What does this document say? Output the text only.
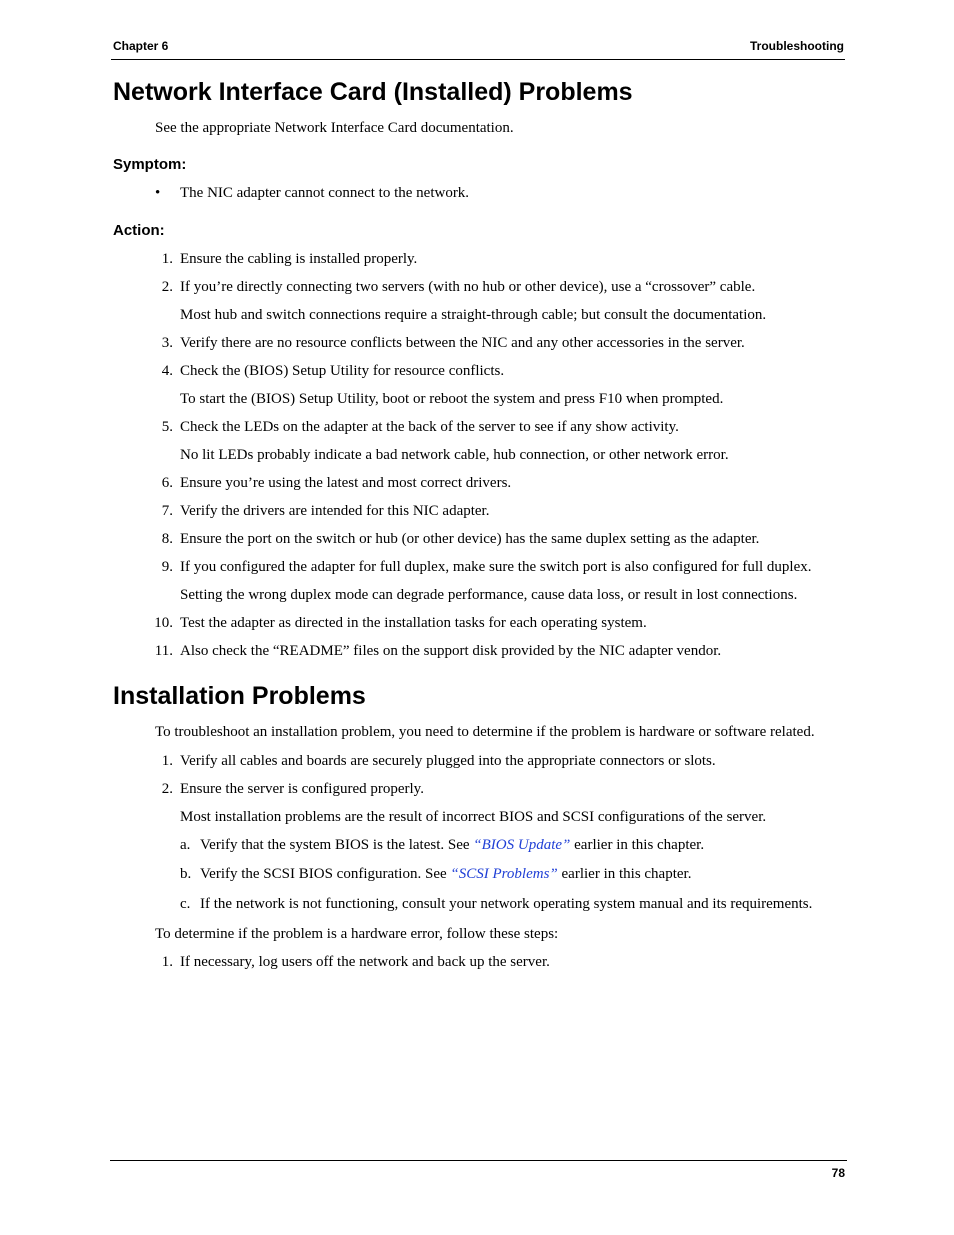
Chapter 6	Troubleshooting
Network Interface Card (Installed) Problems
See the appropriate Network Interface Card documentation.
Symptom:
• The NIC adapter cannot connect to the network.
Action:
1. Ensure the cabling is installed properly.
2. If you’re directly connecting two servers (with no hub or other device), use a “crossover” cable.
Most hub and switch connections require a straight-through cable; but consult the documentation.
3. Verify there are no resource conflicts between the NIC and any other accessories in the server.
4. Check the (BIOS) Setup Utility for resource conflicts.
To start the (BIOS) Setup Utility, boot or reboot the system and press F10 when prompted.
5. Check the LEDs on the adapter at the back of the server to see if any show activity.
No lit LEDs probably indicate a bad network cable, hub connection, or other network error.
6. Ensure you’re using the latest and most correct drivers.
7. Verify the drivers are intended for this NIC adapter.
8. Ensure the port on the switch or hub (or other device) has the same duplex setting as the adapter.
9. If you configured the adapter for full duplex, make sure the switch port is also configured for full duplex.
Setting the wrong duplex mode can degrade performance, cause data loss, or result in lost connections.
10. Test the adapter as directed in the installation tasks for each operating system.
11. Also check the “README” files on the support disk provided by the NIC adapter vendor.
Installation Problems
To troubleshoot an installation problem, you need to determine if the problem is hardware or software related.
1. Verify all cables and boards are securely plugged into the appropriate connectors or slots.
2. Ensure the server is configured properly.
Most installation problems are the result of incorrect BIOS and SCSI configurations of the server.
a. Verify that the system BIOS is the latest. See “BIOS Update” earlier in this chapter.
b. Verify the SCSI BIOS configuration. See “SCSI Problems” earlier in this chapter.
c. If the network is not functioning, consult your network operating system manual and its requirements.
To determine if the problem is a hardware error, follow these steps:
1. If necessary, log users off the network and back up the server.
78
